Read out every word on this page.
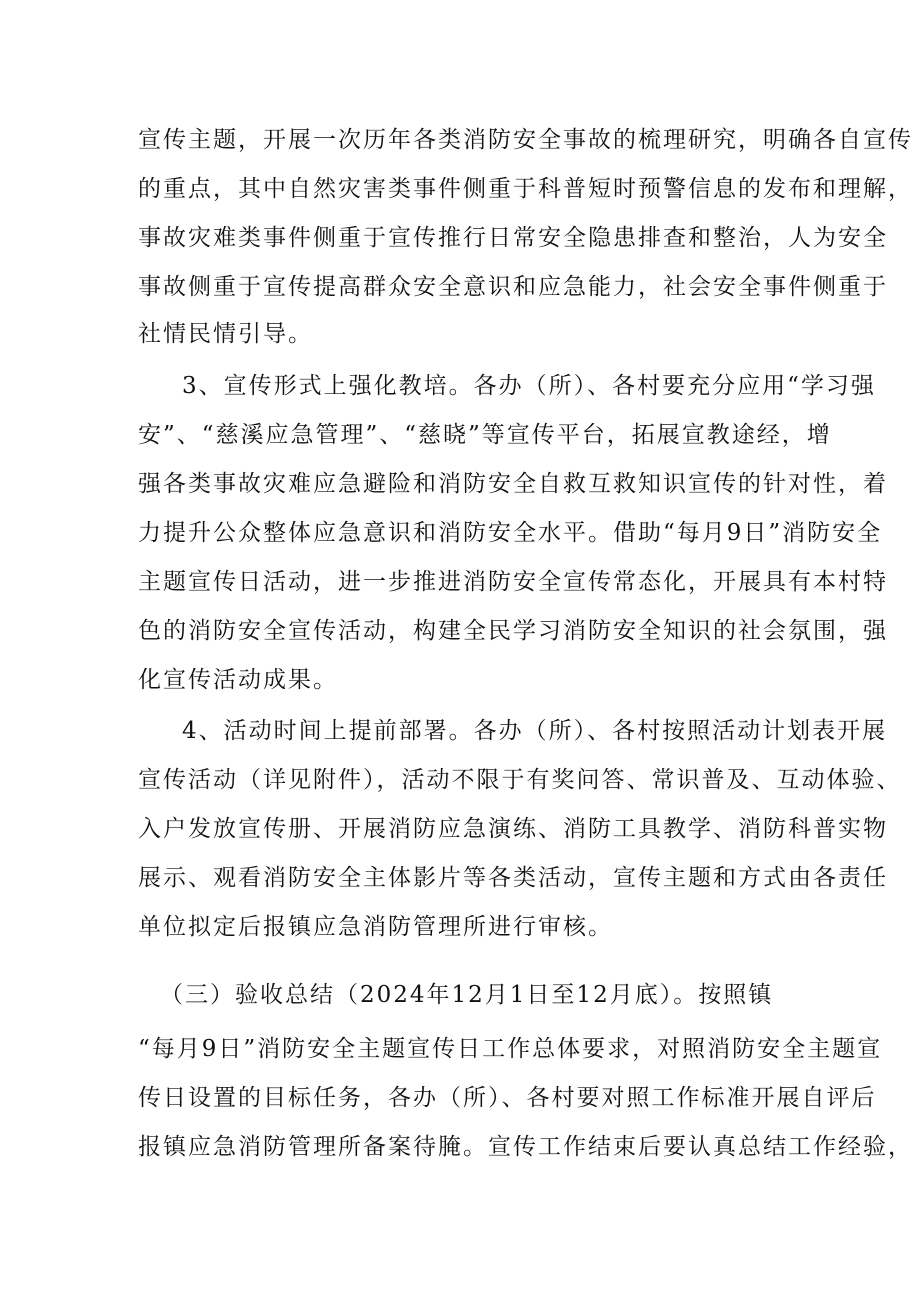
宣传主题，开展一次历年各类消防安全事故的梳理研究，明确各自宣传
的重点，其中自然灾害类事件侧重于科普短时预警信息的发布和理解，
事故灾难类事件侧重于宣传推行日常安全隐患排查和整治，人为安全
事故侧重于宣传提高群众安全意识和应急能力，社会安全事件侧重于
社情民情引导。
3、宣传形式上强化教培。各办（所）、各村要充分应用“学习强
安”、“慈溪应急管理”、“慈晓”等宣传平台，拓展宣教途经，增
强各类事故灾难应急避险和消防安全自救互救知识宣传的针对性，着
力提升公众整体应急意识和消防安全水平。借助“每月9日”消防安全
主题宣传日活动，进一步推进消防安全宣传常态化，开展具有本村特
色的消防安全宣传活动，构建全民学习消防安全知识的社会氛围，强
化宣传活动成果。
4、活动时间上提前部署。各办（所）、各村按照活动计划表开展
宣传活动（详见附件），活动不限于有奖问答、常识普及、互动体验、
入户发放宣传册、开展消防应急演练、消防工具教学、消防科普实物
展示、观看消防安全主体影片等各类活动，宣传主题和方式由各责任
单位拟定后报镇应急消防管理所进行审核。
（三）验收总结（2024年12月1日至12月底）。按照镇
“每月9日”消防安全主题宣传日工作总体要求，对照消防安全主题宣
传日设置的目标任务，各办（所）、各村要对照工作标准开展自评后
报镇应急消防管理所备案待腌。宣传工作结束后要认真总结工作经验，
